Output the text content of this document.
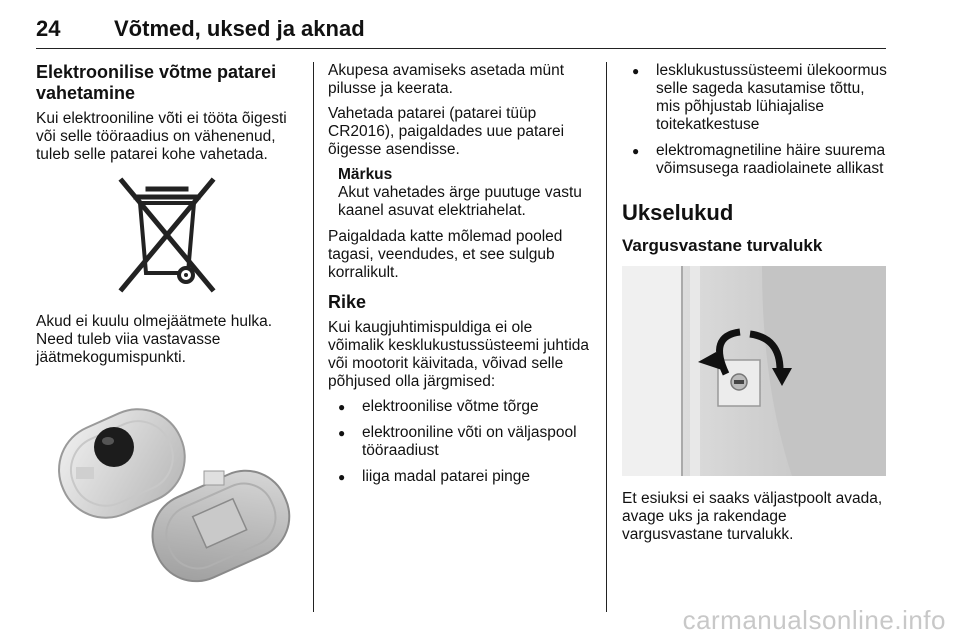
24 Võtmed, uksed ja aknad
Elektroonilise võtme patarei vahetamine

Kui elektrooniline võti ei tööta õigesti või selle tööraadius on vähenenud, tuleb selle patarei kohe vahetada.

Akud ei kuulu olmejäätmete hulka. Need tuleb viia vastavasse jäätmekogumispunkti.

Akupesa avamiseks asetada münt pilusse ja keerata.

Vahetada patarei (patarei tüüp CR2016), paigaldades uue patarei õigesse asendisse.

Märkus
Akut vahetades ärge puutuge vastu kaanel asuvat elektriahelat.

Paigaldada katte mõlemad pooled tagasi, veendudes, et see sulgub korralikult.

Rike

Kui kaugjuhtimispuldiga ei ole võimalik kesklukustussüsteemi juhtida või mootorit käivitada, võivad selle põhjused olla järgmised:

● elektroonilise võtme tõrge
● elektrooniline võti on väljaspool tööraadiust
● liiga madal patarei pinge
● lesklukustussüsteemi ülekoormus selle sageda kasutamise tõttu, mis põhjustab lühiajalise toitekatkestuse
● elektromagnetiline häire suurema võimsusega raadiolainete allikast
Ukselukud
Vargusvastane turvalukk

Et esiuksi ei saaks väljastpoolt avada, avage uks ja rakendage vargusvastane turvalukk.

carmanualsonline.info
